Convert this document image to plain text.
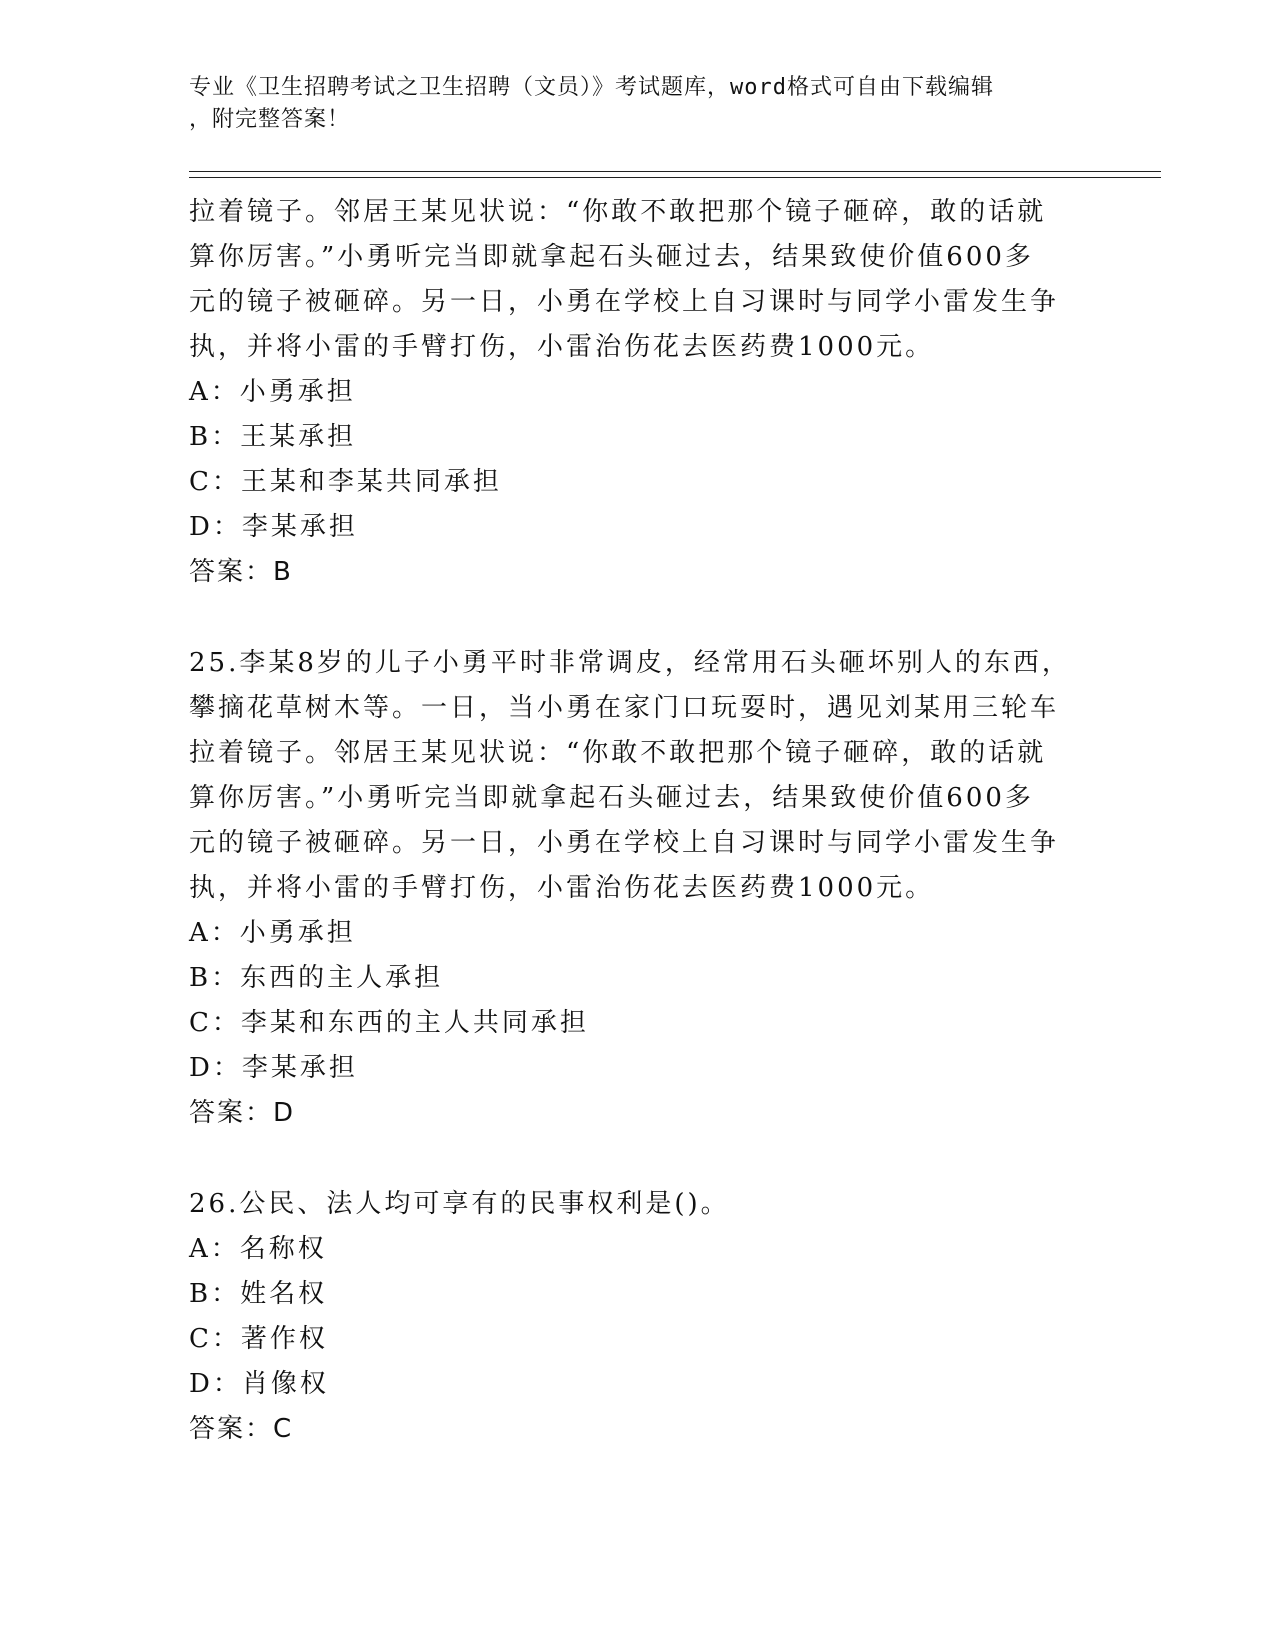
专业《卫生招聘考试之卫生招聘（文员）》考试题库，word格式可自由下载编辑
，附完整答案！

拉着镜子。邻居王某见状说：“你敢不敢把那个镜子砸碎，敢的话就

算你厉害。”小勇听完当即就拿起石头砸过去，结果致使价值600多

元的镜子被砸碎。另一日，小勇在学校上自习课时与同学小雷发生争

执，并将小雷的手臂打伤，小雷治伤花去医药费1000元。

A：小勇承担

B：王某承担

C：王某和李某共同承担

D：李某承担

答案：B

25.李某8岁的儿子小勇平时非常调皮，经常用石头砸坏别人的东西，

攀摘花草树木等。一日，当小勇在家门口玩耍时，遇见刘某用三轮车

拉着镜子。邻居王某见状说：“你敢不敢把那个镜子砸碎，敢的话就

算你厉害。”小勇听完当即就拿起石头砸过去，结果致使价值600多

元的镜子被砸碎。另一日，小勇在学校上自习课时与同学小雷发生争

执，并将小雷的手臂打伤，小雷治伤花去医药费1000元。

A：小勇承担

B：东西的主人承担

C：李某和东西的主人共同承担

D：李某承担

答案：D

26.公民、法人均可享有的民事权利是()。

A：名称权

B：姓名权

C：著作权

D：肖像权

答案：C
